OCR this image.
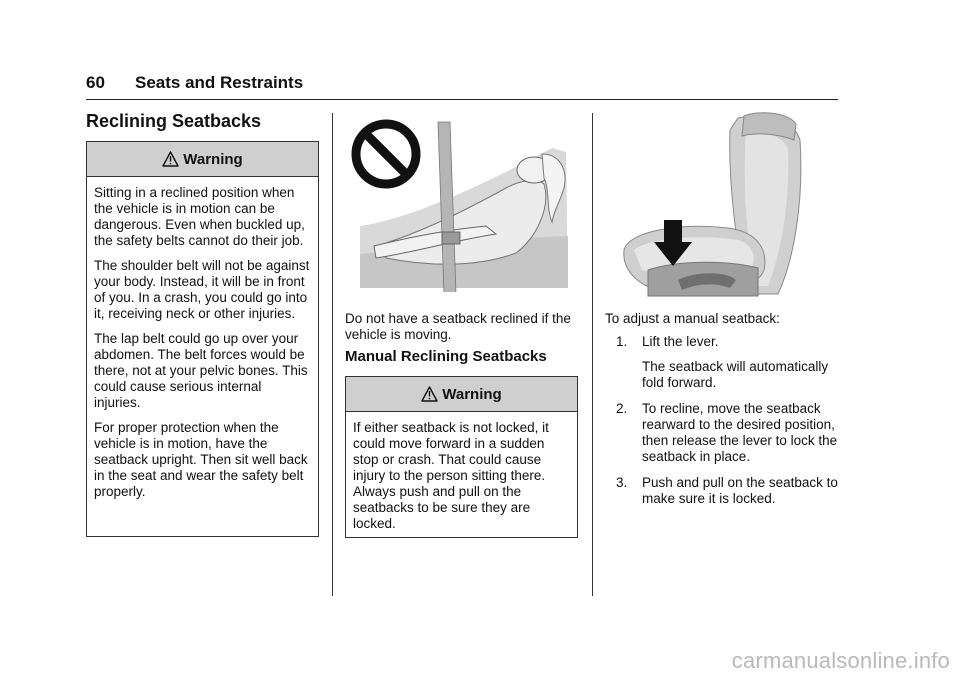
60 Seats and Restraints
Reclining Seatbacks
Warning

Sitting in a reclined position when the vehicle is in motion can be dangerous. Even when buckled up, the safety belts cannot do their job.

The shoulder belt will not be against your body. Instead, it will be in front of you. In a crash, you could go into it, receiving neck or other injuries.

The lap belt could go up over your abdomen. The belt forces would be there, not at your pelvic bones. This could cause serious internal injuries.

For proper protection when the vehicle is in motion, have the seatback upright. Then sit well back in the seat and wear the safety belt properly.

Do not have a seatback reclined if the vehicle is moving.
Manual Reclining Seatbacks
Warning

If either seatback is not locked, it could move forward in a sudden stop or crash. That could cause injury to the person sitting there. Always push and pull on the seatbacks to be sure they are locked.

To adjust a manual seatback:
1. Lift the lever.
The seatback will automatically fold forward.
2. To recline, move the seatback rearward to the desired position, then release the lever to lock the seatback in place.
3. Push and pull on the seatback to make sure it is locked.
carmanualsonline.info
